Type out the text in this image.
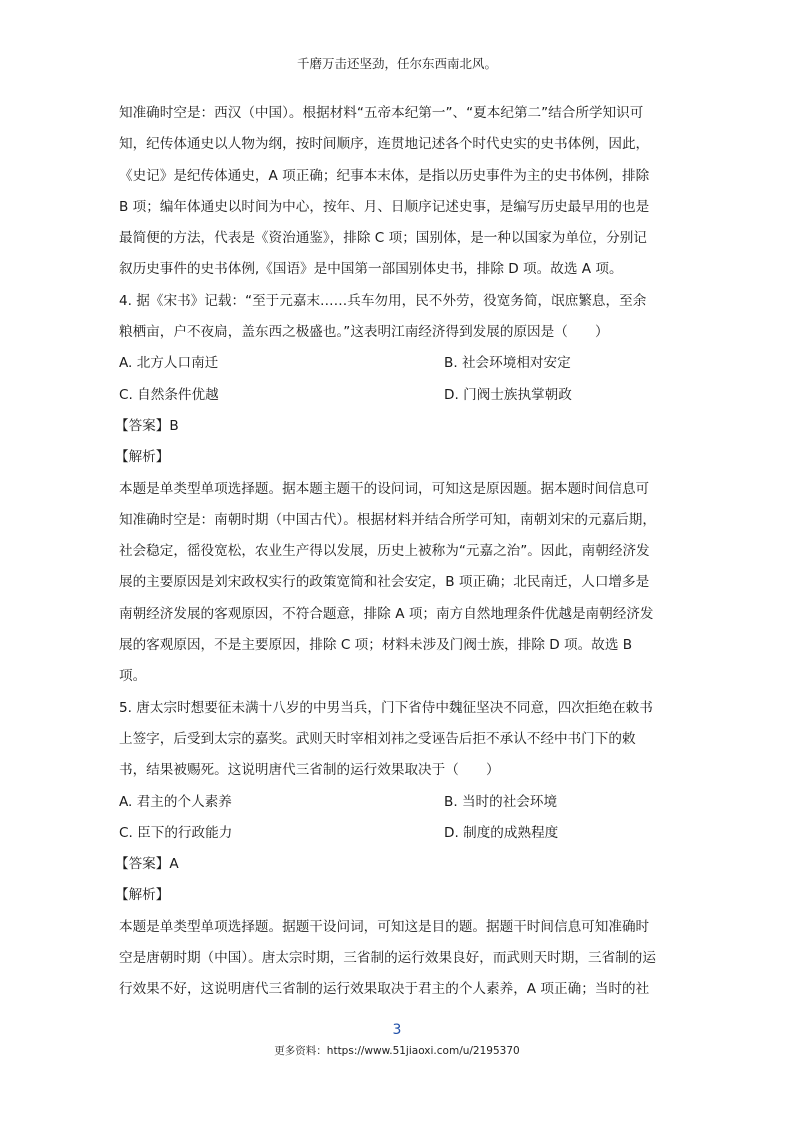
千磨万击还坚劲，任尔东西南北风。
知准确时空是：西汉（中国）。根据材料“五帝本纪第一”、“夏本纪第二”结合所学知识可
知，纪传体通史以人物为纲，按时间顺序，连贯地记述各个时代史实的史书体例，因此，
《史记》是纪传体通史，A 项正确；纪事本末体，是指以历史事件为主的史书体例，排除
B 项；编年体通史以时间为中心，按年、月、日顺序记述史事，是编写历史最早用的也是
最简便的方法，代表是《资治通鉴》，排除 C 项；国别体，是一种以国家为单位，分别记
叙历史事件的史书体例,《国语》是中国第一部国别体史书，排除 D 项。故选 A 项。
4. 据《宋书》记载：“至于元嘉末……兵车勿用，民不外劳，役宽务简，氓庶繁息，至余
粮栖亩，户不夜扃，盖东西之极盛也。”这表明江南经济得到发展的原因是（　　）
A. 北方人口南迁	B. 社会环境相对安定
C. 自然条件优越	D. 门阀士族执掌朝政
【答案】B
【解析】
本题是单类型单项选择题。据本题主题干的设问词，可知这是原因题。据本题时间信息可
知准确时空是：南朝时期（中国古代）。根据材料并结合所学可知，南朝刘宋的元嘉后期，
社会稳定，徭役宽松，农业生产得以发展，历史上被称为“元嘉之治”。因此，南朝经济发
展的主要原因是刘宋政权实行的政策宽简和社会安定，B 项正确；北民南迁，人口增多是
南朝经济发展的客观原因，不符合题意，排除 A 项；南方自然地理条件优越是南朝经济发
展的客观原因，不是主要原因，排除 C 项；材料未涉及门阀士族，排除 D 项。故选 B
项。
5. 唐太宗时想要征未满十八岁的中男当兵，门下省侍中魏征坚决不同意，四次拒绝在敕书
上签字，后受到太宗的嘉奖。武则天时宰相刘祎之受诬告后拒不承认不经中书门下的敕
书，结果被赐死。这说明唐代三省制的运行效果取决于（　　）
A. 君主的个人素养	B. 当时的社会环境
C. 臣下的行政能力	D. 制度的成熟程度
【答案】A
【解析】
本题是单类型单项选择题。据题干设问词，可知这是目的题。据题干时间信息可知准确时
空是唐朝时期（中国）。唐太宗时期，三省制的运行效果良好，而武则天时期，三省制的运
行效果不好，这说明唐代三省制的运行效果取决于君主的个人素养，A 项正确；当时的社
3
更多资料：https://www.51jiaoxi.com/u/2195370
